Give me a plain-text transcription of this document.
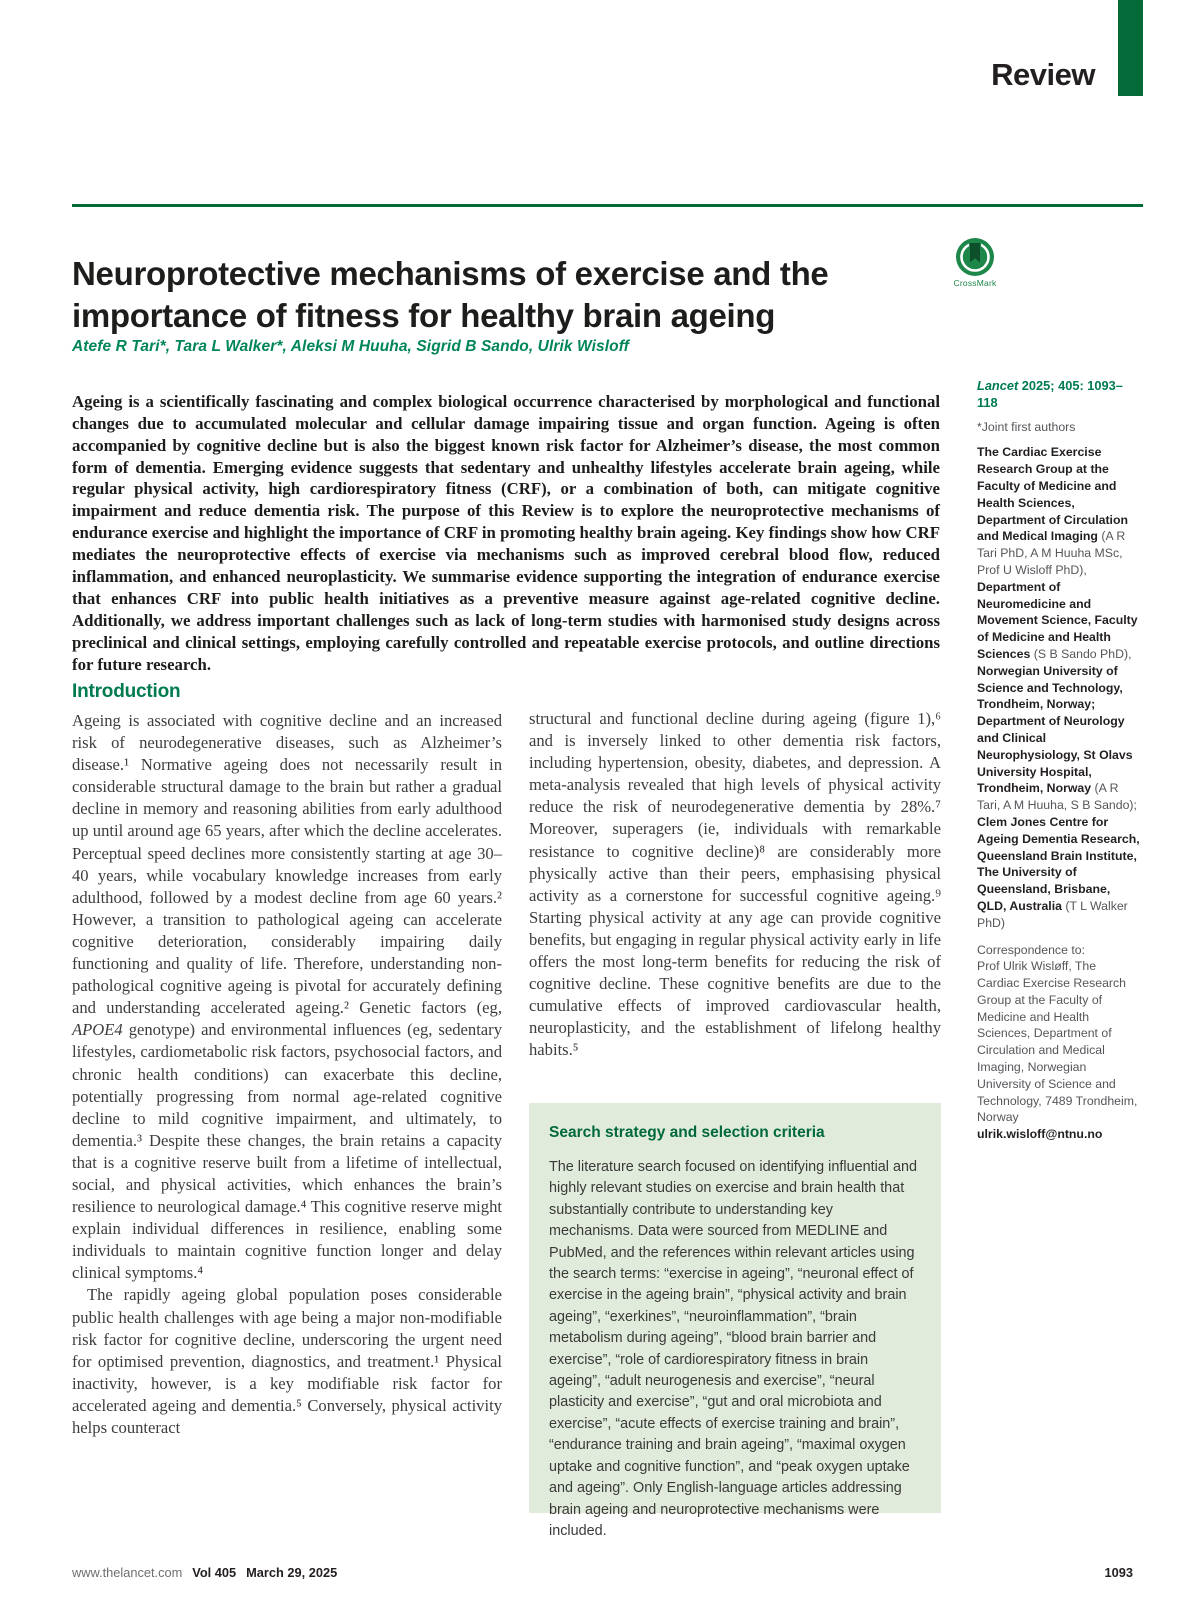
Review
Neuroprotective mechanisms of exercise and the importance of fitness for healthy brain ageing
CrossMark
Atefe R Tari*, Tara L Walker*, Aleksi M Huuha, Sigrid B Sando, Ulrik Wisloff

Ageing is a scientifically fascinating and complex biological occurrence characterised by morphological and functional changes due to accumulated molecular and cellular damage impairing tissue and organ function. Ageing is often accompanied by cognitive decline but is also the biggest known risk factor for Alzheimer’s disease, the most common form of dementia. Emerging evidence suggests that sedentary and unhealthy lifestyles accelerate brain ageing, while regular physical activity, high cardiorespiratory fitness (CRF), or a combination of both, can mitigate cognitive impairment and reduce dementia risk. The purpose of this Review is to explore the neuroprotective mechanisms of endurance exercise and highlight the importance of CRF in promoting healthy brain ageing. Key findings show how CRF mediates the neuroprotective effects of exercise via mechanisms such as improved cerebral blood flow, reduced inflammation, and enhanced neuroplasticity. We summarise evidence supporting the integration of endurance exercise that enhances CRF into public health initiatives as a preventive measure against age-related cognitive decline. Additionally, we address important challenges such as lack of long-term studies with harmonised study designs across preclinical and clinical settings, employing carefully controlled and repeatable exercise protocols, and outline directions for future research.

Lancet 2025; 405: 1093–118

*Joint first authors

The Cardiac Exercise Research Group at the Faculty of Medicine and Health Sciences, Department of Circulation and Medical Imaging (A R Tari PhD, A M Huuha MSc, Prof U Wisloff PhD), Department of Neuromedicine and Movement Science, Faculty of Medicine and Health Sciences (S B Sando PhD), Norwegian University of Science and Technology, Trondheim, Norway; Department of Neurology and Clinical Neurophysiology, St Olavs University Hospital, Trondheim, Norway (A R Tari, A M Huuha, S B Sando); Clem Jones Centre for Ageing Dementia Research, Queensland Brain Institute, The University of Queensland, Brisbane, QLD, Australia (T L Walker PhD)

Correspondence to:
Prof Ulrik Wisløff, The Cardiac Exercise Research Group at the Faculty of Medicine and Health Sciences, Department of Circulation and Medical Imaging, Norwegian University of Science and Technology, 7489 Trondheim, Norway
ulrik.wisloff@ntnu.no

Introduction

Ageing is associated with cognitive decline and an increased risk of neurodegenerative diseases, such as Alzheimer’s disease.¹ Normative ageing does not necessarily result in considerable structural damage to the brain but rather a gradual decline in memory and reasoning abilities from early adulthood up until around age 65 years, after which the decline accelerates. Perceptual speed declines more consistently starting at age 30–40 years, while vocabulary knowledge increases from early adulthood, followed by a modest decline from age 60 years.² However, a transition to pathological ageing can accelerate cognitive deterioration, considerably impairing daily functioning and quality of life. Therefore, understanding non-pathological cognitive ageing is pivotal for accurately defining and understanding accelerated ageing.² Genetic factors (eg, APOE4 genotype) and environmental influences (eg, sedentary lifestyles, cardiometabolic risk factors, psychosocial factors, and chronic health conditions) can exacerbate this decline, potentially progressing from normal age-related cognitive decline to mild cognitive impairment, and ultimately, to dementia.³ Despite these changes, the brain retains a capacity that is a cognitive reserve built from a lifetime of intellectual, social, and physical activities, which enhances the brain’s resilience to neurological damage.⁴ This cognitive reserve might explain individual differences in resilience, enabling some individuals to maintain cognitive function longer and delay clinical symptoms.⁴

The rapidly ageing global population poses considerable public health challenges with age being a major non-modifiable risk factor for cognitive decline, underscoring the urgent need for optimised prevention, diagnostics, and treatment.¹ Physical inactivity, however, is a key modifiable risk factor for accelerated ageing and dementia.⁵ Conversely, physical activity helps counteract

structural and functional decline during ageing (figure 1),⁶ and is inversely linked to other dementia risk factors, including hypertension, obesity, diabetes, and depression. A meta-analysis revealed that high levels of physical activity reduce the risk of neurodegenerative dementia by 28%.⁷ Moreover, superagers (ie, individuals with remarkable resistance to cognitive decline)⁸ are considerably more physically active than their peers, emphasising physical activity as a cornerstone for successful cognitive ageing.⁹ Starting physical activity at any age can provide cognitive benefits, but engaging in regular physical activity early in life offers the most long-term benefits for reducing the risk of cognitive decline. These cognitive benefits are due to the cumulative effects of improved cardiovascular health, neuroplasticity, and the establishment of lifelong healthy habits.⁵

Search strategy and selection criteria

The literature search focused on identifying influential and highly relevant studies on exercise and brain health that substantially contribute to understanding key mechanisms. Data were sourced from MEDLINE and PubMed, and the references within relevant articles using the search terms: “exercise in ageing”, “neuronal effect of exercise in the ageing brain”, “physical activity and brain ageing”, “exerkines”, “neuroinflammation”, “brain metabolism during ageing”, “blood brain barrier and exercise”, “role of cardiorespiratory fitness in brain ageing”, “adult neurogenesis and exercise”, “neural plasticity and exercise”, “gut and oral microbiota and exercise”, “acute effects of exercise training and brain”, “endurance training and brain ageing”, “maximal oxygen uptake and cognitive function”, and “peak oxygen uptake and ageing”. Only English-language articles addressing brain ageing and neuroprotective mechanisms were included.

www.thelancet.com Vol 405 March 29, 2025	1093
